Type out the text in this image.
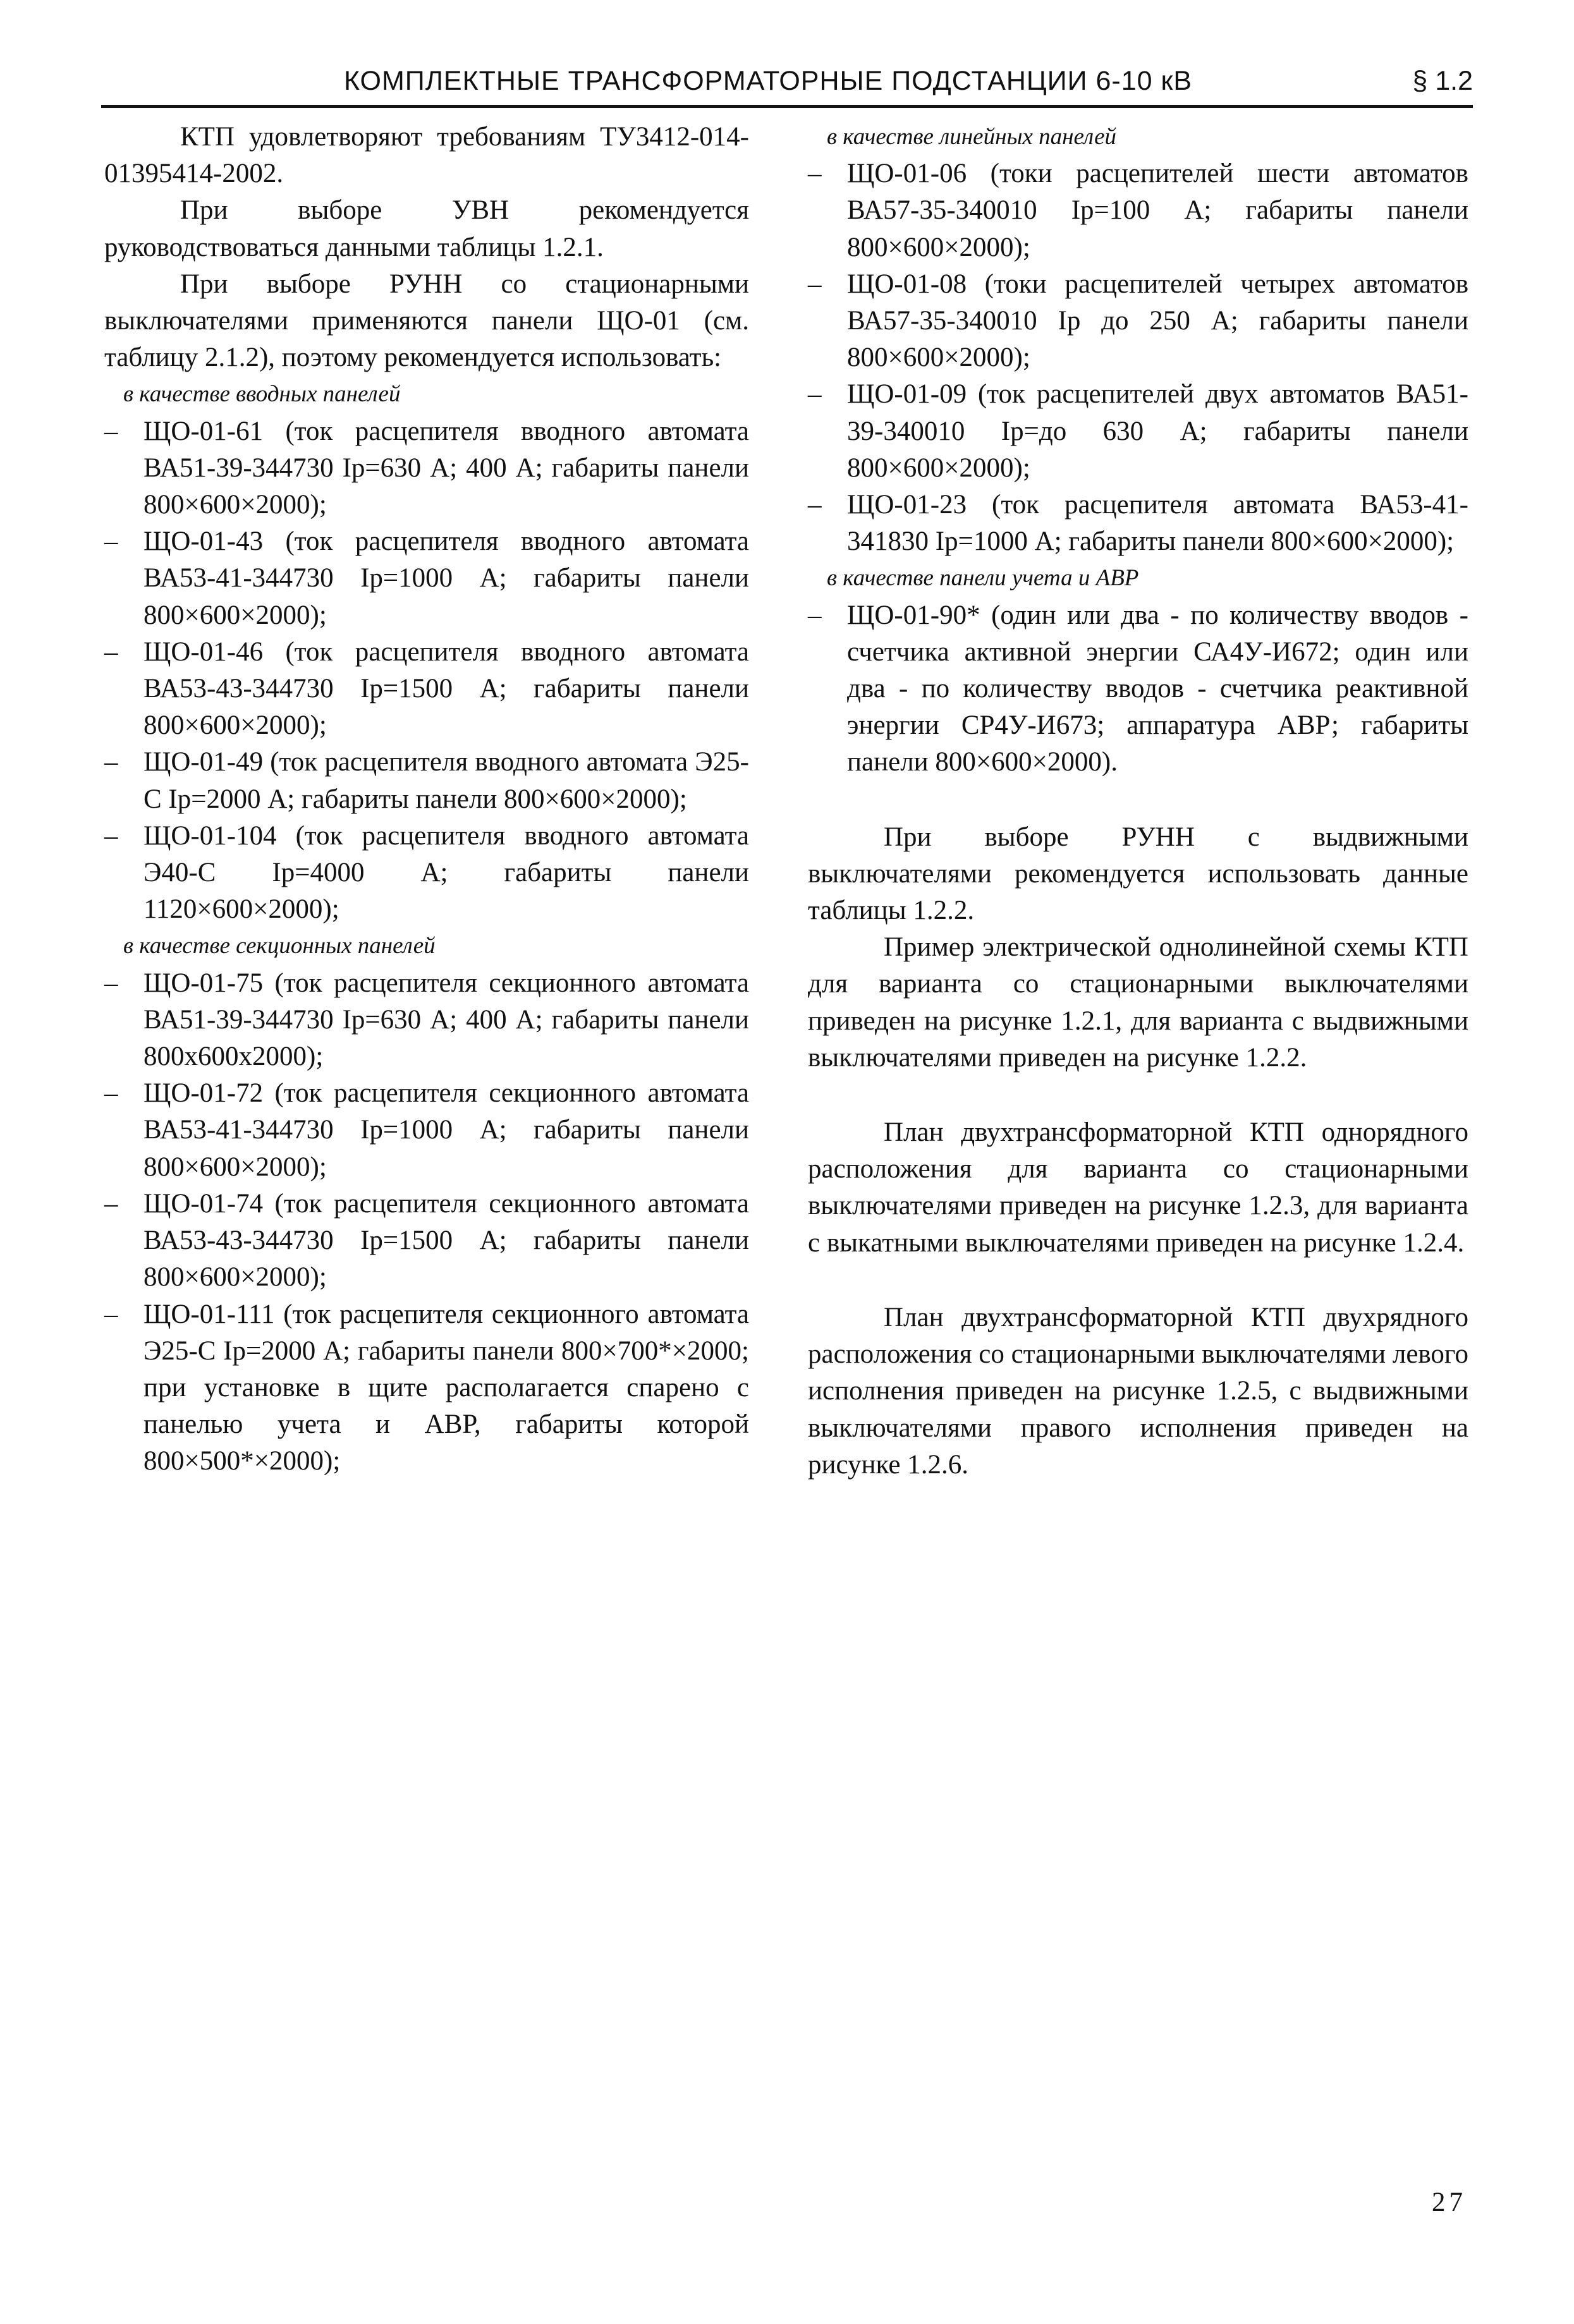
КОМПЛЕКТНЫЕ ТРАНСФОРМАТОРНЫЕ ПОДСТАНЦИИ 6-10 кВ	§ 1.2

КТП удовлетворяют требованиям ТУ3412-014-01395414-2002.

При выборе УВН рекомендуется руководствоваться данными таблицы 1.2.1.

При выборе РУНН со стационарными выключателями применяются панели ЩО-01 (см. таблицу 2.1.2), поэтому рекомендуется использовать:

в качестве вводных панелей
– ЩО-01-61 (ток расцепителя вводного автомата ВА51-39-344730 Iр=630 А; 400 А; габариты панели 800×600×2000);
– ЩО-01-43 (ток расцепителя вводного автомата ВА53-41-344730 Iр=1000 А; габариты панели 800×600×2000);
– ЩО-01-46 (ток расцепителя вводного автомата ВА53-43-344730 Iр=1500 А; габариты панели 800×600×2000);
– ЩО-01-49 (ток расцепителя вводного автомата Э25-С Iр=2000 А; габариты панели 800×600×2000);
– ЩО-01-104 (ток расцепителя вводного автомата Э40-С Iр=4000 А; габариты панели 1120×600×2000);
в качестве секционных панелей
– ЩО-01-75 (ток расцепителя секционного автомата ВА51-39-344730 Iр=630 А; 400 А; габариты панели 800х600х2000);
– ЩО-01-72 (ток расцепителя секционного автомата ВА53-41-344730 Iр=1000 А; габариты панели 800×600×2000);
– ЩО-01-74 (ток расцепителя секционного автомата ВА53-43-344730 Iр=1500 А; габариты панели 800×600×2000);
– ЩО-01-111 (ток расцепителя секционного автомата Э25-С Iр=2000 А; габариты панели 800×700*×2000; при установке в щите располагается спарено с панелью учета и АВР, габариты которой 800×500*×2000);
в качестве линейных панелей
– ЩО-01-06 (токи расцепителей шести автоматов ВА57-35-340010 Iр=100 А; габариты панели 800×600×2000);
– ЩО-01-08 (токи расцепителей четырех автоматов ВА57-35-340010 Iр до 250 А; габариты панели 800×600×2000);
– ЩО-01-09 (ток расцепителей двух автоматов ВА51-39-340010 Iр=до 630 А; габариты панели 800×600×2000);
– ЩО-01-23 (ток расцепителя автомата ВА53-41-341830 Iр=1000 А; габариты панели 800×600×2000);
в качестве панели учета и АВР
– ЩО-01-90* (один или два - по количеству вводов - счетчика активной энергии СА4У-И672; один или два - по количеству вводов - счетчика реактивной энергии СР4У-И673; аппаратура АВР; габариты панели 800×600×2000).

При выборе РУНН с выдвижными выключателями рекомендуется использовать данные таблицы 1.2.2.

Пример электрической однолинейной схемы КТП для варианта со стационарными выключателями приведен на рисунке 1.2.1, для варианта с выдвижными выключателями приведен на рисунке 1.2.2.

План двухтрансформаторной КТП однорядного расположения для варианта со стационарными выключателями приведен на рисунке 1.2.3, для варианта с выкатными выключателями приведен на рисунке 1.2.4.

План двухтрансформаторной КТП двухрядного расположения со стационарными выключателями левого исполнения приведен на рисунке 1.2.5, с выдвижными выключателями правого исполнения приведен на рисунке 1.2.6.

27
